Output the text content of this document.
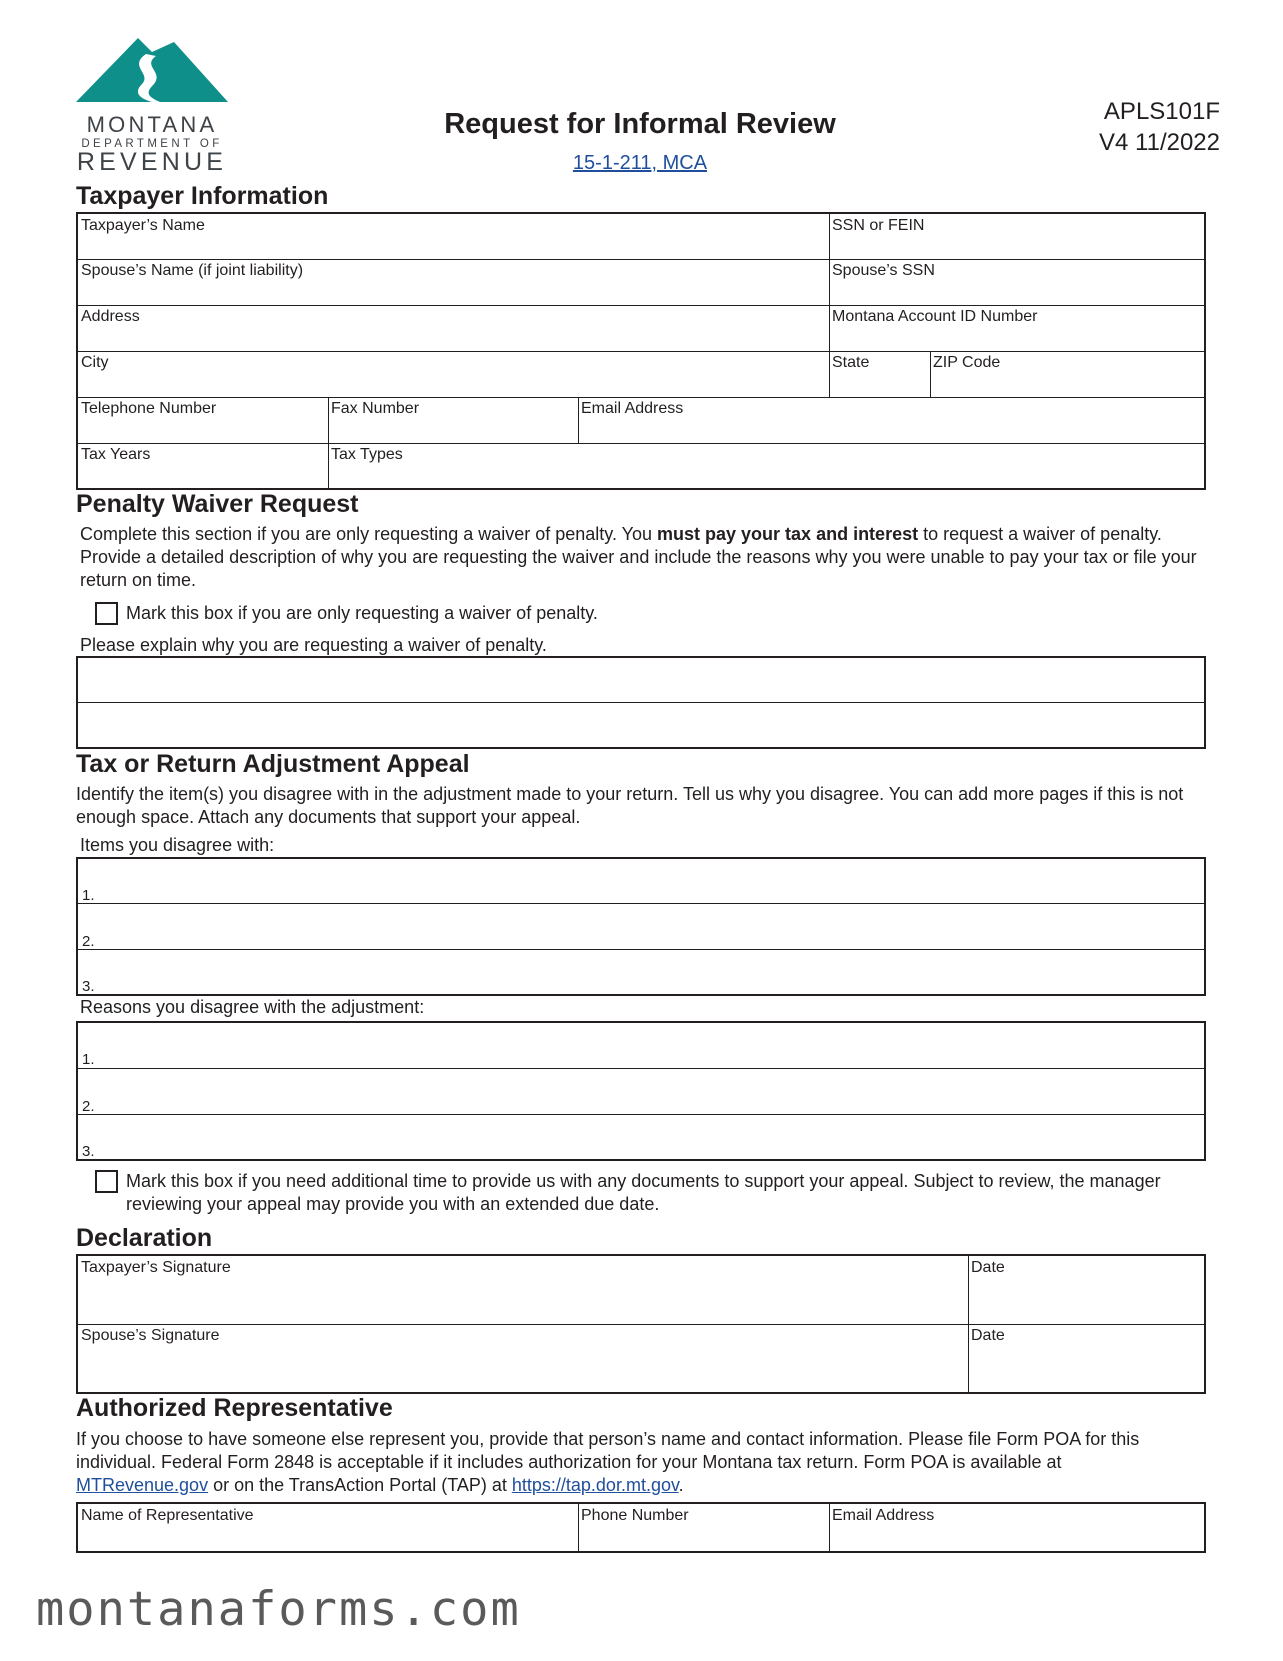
MONTANA
DEPARTMENT OF
REVENUE
Request for Informal Review
15-1-211, MCA
APLS101F
V4 11/2022
Taxpayer Information
Taxpayer’s Name	SSN or FEIN
Spouse’s Name (if joint liability)	Spouse’s SSN
Address	Montana Account ID Number
City	State	ZIP Code
Telephone Number	Fax Number	Email Address
Tax Years	Tax Types
Penalty Waiver Request
Complete this section if you are only requesting a waiver of penalty. You must pay your tax and interest to request a waiver of penalty. Provide a detailed description of why you are requesting the waiver and include the reasons why you were unable to pay your tax or file your return on time.
Mark this box if you are only requesting a waiver of penalty.
Please explain why you are requesting a waiver of penalty.
Tax or Return Adjustment Appeal
Identify the item(s) you disagree with in the adjustment made to your return. Tell us why you disagree. You can add more pages if this is not enough space. Attach any documents that support your appeal.
Items you disagree with:
1.
2.
3.
Reasons you disagree with the adjustment:
1.
2.
3.
Mark this box if you need additional time to provide us with any documents to support your appeal. Subject to review, the manager reviewing your appeal may provide you with an extended due date.
Declaration
Taxpayer’s Signature	Date
Spouse’s Signature	Date
Authorized Representative
If you choose to have someone else represent you, provide that person’s name and contact information. Please file Form POA for this individual. Federal Form 2848 is acceptable if it includes authorization for your Montana tax return. Form POA is available at MTRevenue.gov or on the TransAction Portal (TAP) at https://tap.dor.mt.gov.
Name of Representative	Phone Number	Email Address
montanaforms.com
